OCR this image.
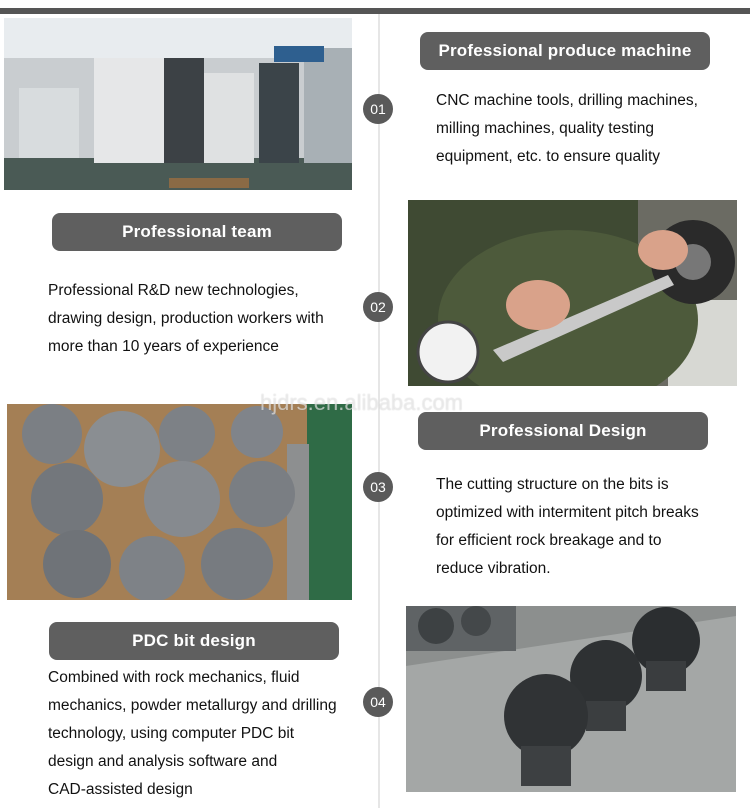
Professional produce machine
01	CNC machine tools, drilling machines,
milling machines, quality testing
equipment, etc. to ensure quality
Professional team
Professional R&D new technologies,
drawing design, production workers with
more than 10 years of experience
02
Professional Design
03	The cutting structure on the bits is
optimized with intermitent pitch breaks
for efficient rock breakage and to
reduce vibration.
PDC bit design
Combined with rock mechanics, fluid
mechanics, powder metallurgy and drilling
technology, using computer PDC bit
design and analysis software and
CAD-assisted design
04
hjdrs.en.alibaba.com
